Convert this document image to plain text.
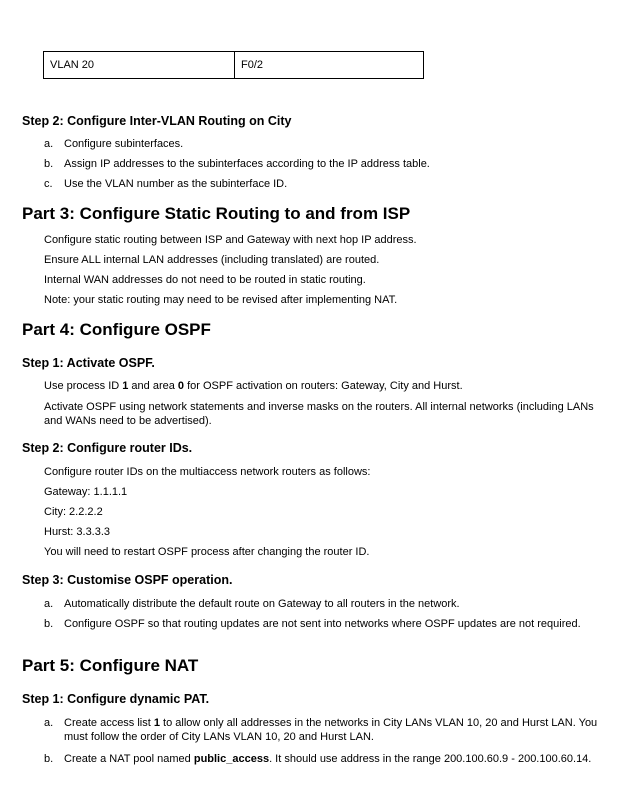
VLAN 20	F0/2
Step 2: Configure Inter-VLAN Routing on City
a. Configure subinterfaces.
b. Assign IP addresses to the subinterfaces according to the IP address table.
c.	Use the VLAN number as the subinterface ID.
Part 3: Configure Static Routing to and from ISP
Configure static routing between ISP and Gateway with next hop IP address.
Ensure ALL internal LAN addresses (including translated) are routed.
Internal WAN addresses do not need to be routed in static routing.
Note: your static routing may need to be revised after implementing NAT.
Part 4: Configure OSPF
Step 1: Activate OSPF.
Use process ID 1 and area 0 for OSPF activation on routers: Gateway, City and Hurst.
Activate OSPF using network statements and inverse masks on the routers. All internal networks (including LANs and WANs need to be advertised).
Step 2: Configure router IDs.
Configure router IDs on the multiaccess network routers as follows:
Gateway: 1.1.1.1
City: 2.2.2.2
Hurst: 3.3.3.3
You will need to restart OSPF process after changing the router ID.
Step 3: Customise OSPF operation.
a. Automatically distribute the default route on Gateway to all routers in the network.
b. Configure OSPF so that routing updates are not sent into networks where OSPF updates are not required.
Part 5: Configure NAT
Step 1: Configure dynamic PAT.
a. Create access list 1 to allow only all addresses in the networks in City LANs VLAN 10, 20 and Hurst LAN. You must follow the order of City LANs VLAN 10, 20 and Hurst LAN.
b. Create a NAT pool named public_access. It should use address in the range 200.100.60.9 - 200.100.60.14.
